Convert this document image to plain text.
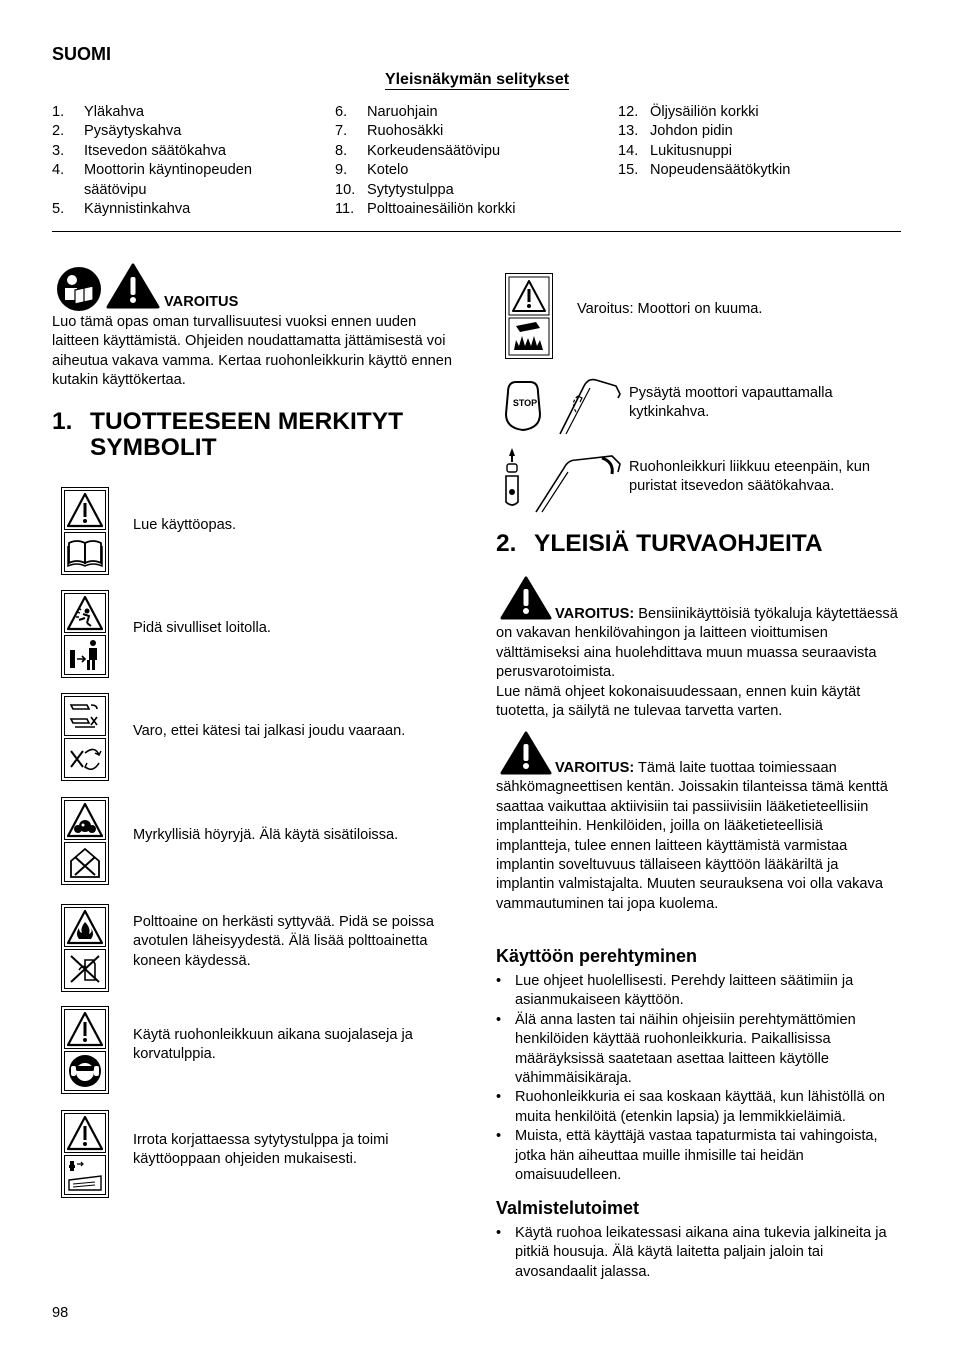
SUOMI
Yleisnäkymän selitykset
1.	Yläkahva
2.	Pysäytyskahva
3.	Itsevedon säätökahva
4.	Moottorin käyntinopeuden säätövipu
5.	Käynnistinkahva
6.	Naruohjain
7.	Ruohosäkki
8.	Korkeudensäätövipu
9.	Kotelo
10. Sytytystulppa
11. Polttoainesäiliön korkki
12. Öljysäiliön korkki
13. Johdon pidin
14. Lukitusnuppi
15. Nopeudensäätökytkin
VAROITUS
Luo tämä opas oman turvallisuutesi vuoksi ennen uuden laitteen käyttämistä. Ohjeiden noudattamatta jättämisestä voi aiheutua vakava vamma. Kertaa ruohonleikkurin käyttö ennen kutakin käyttökertaa.
1. TUOTTEESEEN MERKITYT
SYMBOLIT
Lue käyttöopas.
Pidä sivulliset loitolla.
Varo, ettei kätesi tai jalkasi joudu vaaraan.
Myrkyllisiä höyryjä. Älä käytä sisätiloissa.
Polttoaine on herkästi syttyvää. Pidä se poissa avotulen läheisyydestä. Älä lisää polttoainetta koneen käydessä.
Käytä ruohonleikkuun aikana suojalaseja ja korvatulppia.
Irrota korjattaessa sytytystulppa ja toimi käyttöoppaan ohjeiden mukaisesti.
Varoitus: Moottori on kuuma.
STOP
Pysäytä moottori vapauttamalla kytkinkahva.
Ruohonleikkuri liikkuu eteenpäin, kun puristat itsevedon säätökahvaa.
2. YLEISIÄ TURVAOHJEITA
VAROITUS: Bensiinikäyttöisiä työkaluja käytettäessä on vakavan henkilövahingon ja laitteen vioittumisen välttämiseksi aina huolehdittava muun muassa seuraavista perusvarotoimista.
Lue nämä ohjeet kokonaisuudessaan, ennen kuin käytät tuotetta, ja säilytä ne tulevaa tarvetta varten.
VAROITUS: Tämä laite tuottaa toimiessaan sähkömagneettisen kentän. Joissakin tilanteissa tämä kenttä saattaa vaikuttaa aktiivisiin tai passiivisiin lääketieteellisiin implantteihin. Henkilöiden, joilla on lääketieteellisiä implantteja, tulee ennen laitteen käyttämistä varmistaa implantin soveltuvuus tällaiseen käyttöön lääkäriltä ja implantin valmistajalta. Muuten seurauksena voi olla vakava vammautuminen tai jopa kuolema.
Käyttöön perehtyminen
• Lue ohjeet huolellisesti. Perehdy laitteen säätimiin ja asianmukaiseen käyttöön.
• Älä anna lasten tai näihin ohjeisiin perehtymättömien henkilöiden käyttää ruohonleikkuria. Paikallisissa määräyksissä saatetaan asettaa laitteen käytölle vähimmäisikäraja.
• Ruohonleikkuria ei saa koskaan käyttää, kun lähistöllä on muita henkilöitä (etenkin lapsia) ja lemmikkieläimiä.
• Muista, että käyttäjä vastaa tapaturmista tai vahingoista, jotka hän aiheuttaa muille ihmisille tai heidän omaisuudelleen.
Valmistelutoimet
• Käytä ruohoa leikatessasi aikana aina tukevia jalkineita ja pitkiä housuja. Älä käytä laitetta paljain jaloin tai avosandaalit jalassa.
98
